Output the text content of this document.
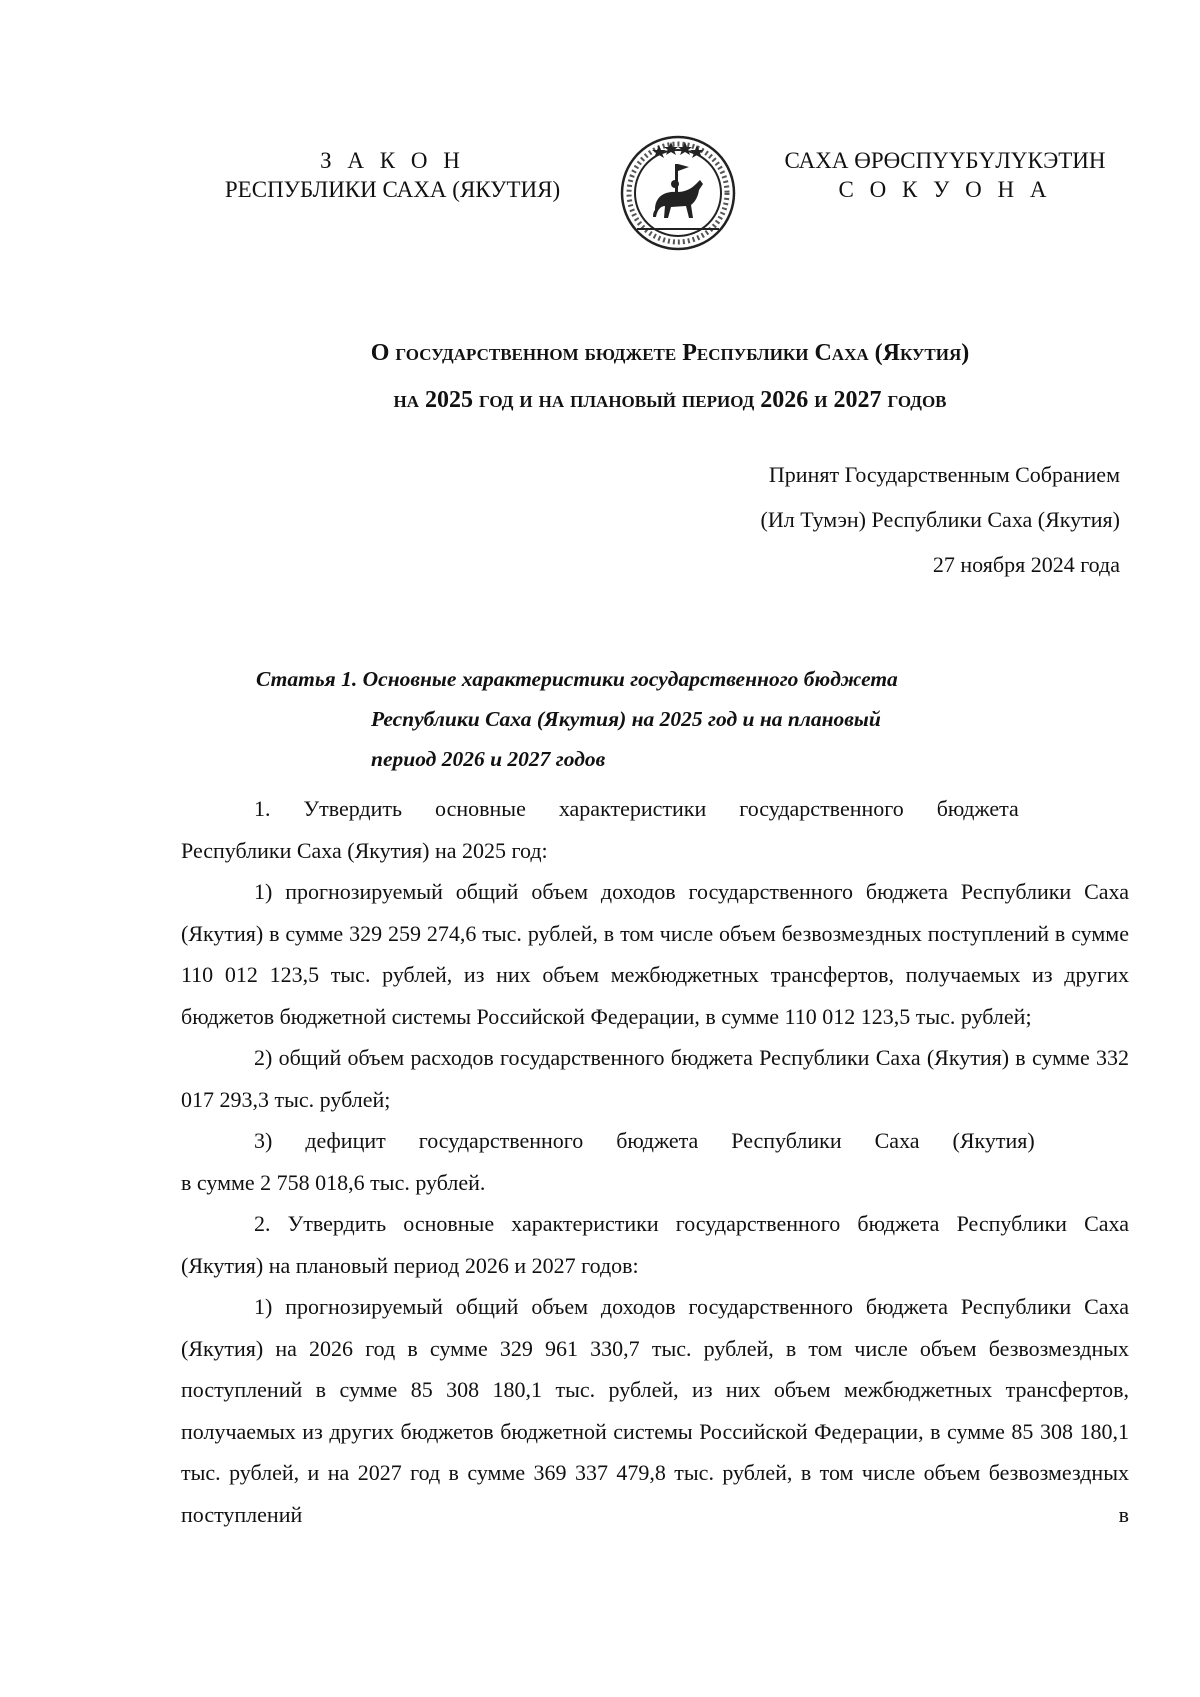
З А К О Н
РЕСПУБЛИКИ САХА (ЯКУТИЯ)
САХА ӨРӨСПҮҮБҮЛҮКЭТИН
С О К У О Н А
О государственном бюджете Республики Саха (Якутия)
на 2025 год и на плановый период 2026 и 2027 годов
Принят Государственным Собранием
(Ил Тумэн) Республики Саха (Якутия)
27 ноября 2024 года
Статья 1. Основные характеристики государственного бюджета
Республики Саха (Якутия) на 2025 год и на плановый
период 2026 и 2027 годов

1.      Утвердить      основные      характеристики      государственного      бюджета

Республики Саха (Якутия) на 2025 год:

1) прогнозируемый общий объем доходов государственного бюджета Республики Саха (Якутия) в сумме 329 259 274,6 тыс. рублей, в том числе объем безвозмездных поступлений в сумме 110 012 123,5 тыс. рублей, из них объем межбюджетных трансфертов, получаемых из других бюджетов бюджетной системы Российской Федерации, в сумме 110 012 123,5 тыс. рублей;

2) общий объем расходов государственного бюджета Республики Саха (Якутия) в сумме 332 017 293,3 тыс. рублей;

3)      дефицит      государственного      бюджета      Республики      Саха      (Якутия)

в сумме 2 758 018,6 тыс. рублей.

2. Утвердить основные характеристики государственного бюджета Республики Саха (Якутия) на плановый период 2026 и 2027 годов:

1) прогнозируемый общий объем доходов государственного бюджета Республики Саха (Якутия) на 2026 год в сумме 329 961 330,7 тыс. рублей, в том числе объем безвозмездных поступлений в сумме 85 308 180,1 тыс. рублей, из них объем межбюджетных трансфертов, получаемых из других бюджетов бюджетной системы Российской Федерации, в сумме 85 308 180,1 тыс. рублей, и на 2027 год в сумме 369 337 479,8 тыс. рублей, в том числе объем безвозмездных поступлений в
